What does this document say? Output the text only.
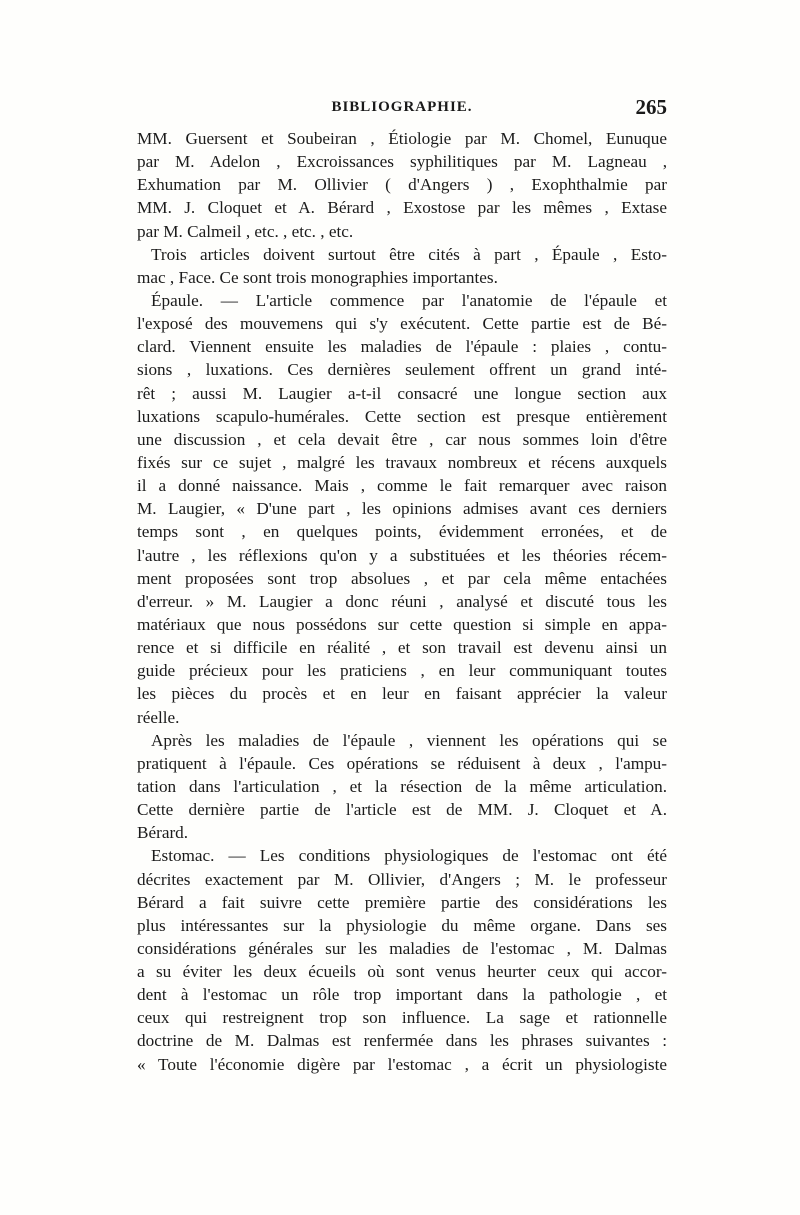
BIBLIOGRAPHIE.	265
MM. Guersent et Soubeiran , Étiologie par M. Chomel, Eunuque
par M. Adelon , Excroissances syphilitiques par M. Lagneau ,
Exhumation par M. Ollivier ( d'Angers ) , Exophthalmie par
MM. J. Cloquet et A. Bérard , Exostose par les mêmes , Extase
par M. Calmeil , etc. , etc. , etc.
Trois articles doivent surtout être cités à part , Épaule , Esto-
mac , Face. Ce sont trois monographies importantes.
Épaule. — L'article commence par l'anatomie de l'épaule et
l'exposé des mouvemens qui s'y exécutent. Cette partie est de Bé-
clard. Viennent ensuite les maladies de l'épaule : plaies , contu-
sions , luxations. Ces dernières seulement offrent un grand inté-
rêt ; aussi M. Laugier a-t-il consacré une longue section aux
luxations scapulo-humérales. Cette section est presque entièrement
une discussion , et cela devait être , car nous sommes loin d'être
fixés sur ce sujet , malgré les travaux nombreux et récens auxquels
il a donné naissance. Mais , comme le fait remarquer avec raison
M. Laugier, « D'une part , les opinions admises avant ces derniers
temps sont , en quelques points, évidemment erronées, et de
l'autre , les réflexions qu'on y a substituées et les théories récem-
ment proposées sont trop absolues , et par cela même entachées
d'erreur. » M. Laugier a donc réuni , analysé et discuté tous les
matériaux que nous possédons sur cette question si simple en appa-
rence et si difficile en réalité , et son travail est devenu ainsi un
guide précieux pour les praticiens , en leur communiquant toutes
les pièces du procès et en leur en faisant apprécier la valeur
réelle.
Après les maladies de l'épaule , viennent les opérations qui se
pratiquent à l'épaule. Ces opérations se réduisent à deux , l'ampu-
tation dans l'articulation , et la résection de la même articulation.
Cette dernière partie de l'article est de MM. J. Cloquet et A.
Bérard.
Estomac. — Les conditions physiologiques de l'estomac ont été
décrites exactement par M. Ollivier, d'Angers ; M. le professeur
Bérard a fait suivre cette première partie des considérations les
plus intéressantes sur la physiologie du même organe. Dans ses
considérations générales sur les maladies de l'estomac , M. Dalmas
a su éviter les deux écueils où sont venus heurter ceux qui accor-
dent à l'estomac un rôle trop important dans la pathologie , et
ceux qui restreignent trop son influence. La sage et rationnelle
doctrine de M. Dalmas est renfermée dans les phrases suivantes :
« Toute l'économie digère par l'estomac , a écrit un physiologiste
